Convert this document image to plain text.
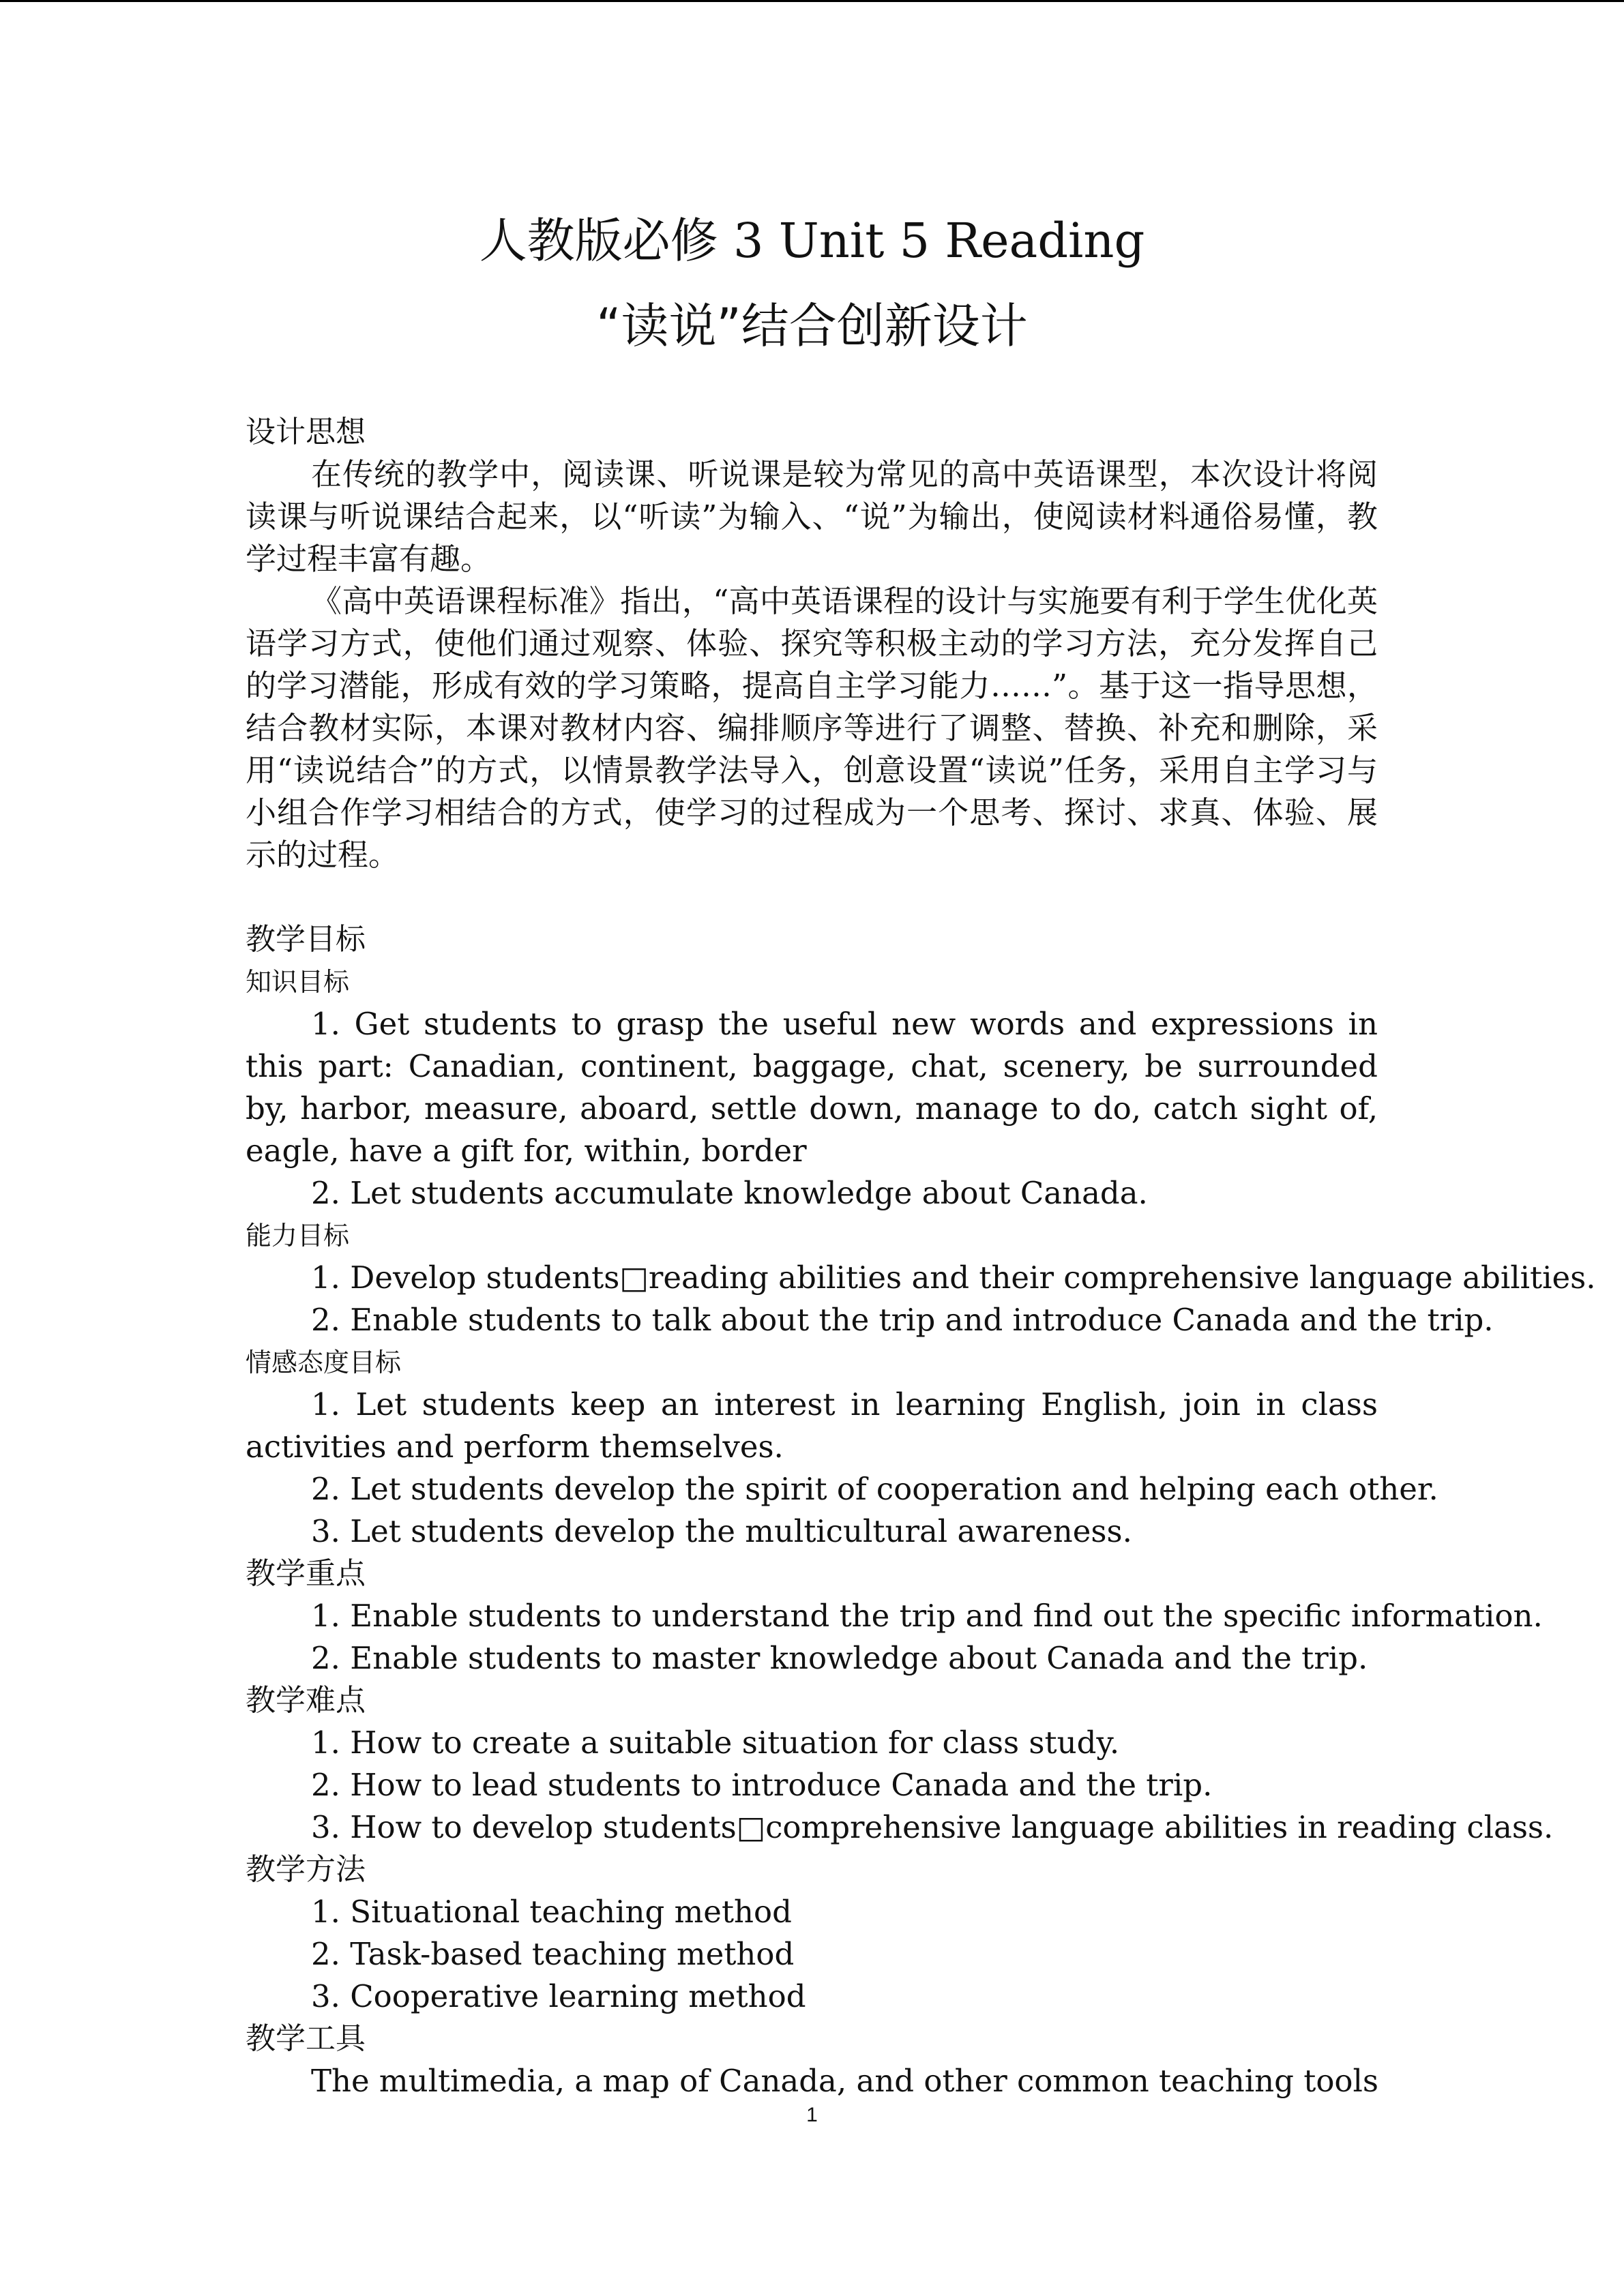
人教版必修 3 Unit 5 Reading
“读说”结合创新设计
设计思想
在传统的教学中，阅读课、听说课是较为常见的高中英语课型，本次设计将阅读课与听说课结合起来，以“听读”为输入、“说”为输出，使阅读材料通俗易懂，教学过程丰富有趣。
《高中英语课程标准》指出，“高中英语课程的设计与实施要有利于学生优化英语学习方式，使他们通过观察、体验、探究等积极主动的学习方法，充分发挥自己的学习潜能，形成有效的学习策略，提高自主学习能力……”。基于这一指导思想，结合教材实际，本课对教材内容、编排顺序等进行了调整、替换、补充和删除，采用“读说结合”的方式，以情景教学法导入，创意设置“读说”任务，采用自主学习与小组合作学习相结合的方式，使学习的过程成为一个思考、探讨、求真、体验、展示的过程。
教学目标
知识目标
1. Get students to grasp the useful new words and expressions in this part: Canadian, continent, baggage, chat, scenery, be surrounded by, harbor, measure, aboard, settle down, manage to do, catch sight of, eagle, have a gift for, within, border
2. Let students accumulate knowledge about Canada.
能力目标
1. Develop students□reading abilities and their comprehensive language abilities.
2. Enable students to talk about the trip and introduce Canada and the trip.
情感态度目标
1. Let students keep an interest in learning English, join in class activities and perform themselves.
2. Let students develop the spirit of cooperation and helping each other.
3. Let students develop the multicultural awareness.
教学重点
1. Enable students to understand the trip and find out the specific information.
2. Enable students to master knowledge about Canada and the trip.
教学难点
1. How to create a suitable situation for class study.
2. How to lead students to introduce Canada and the trip.
3. How to develop students□comprehensive language abilities in reading class.
教学方法
1. Situational teaching method
2. Task-based teaching method
3. Cooperative learning method
教学工具
The multimedia, a map of Canada, and other common teaching tools
1
